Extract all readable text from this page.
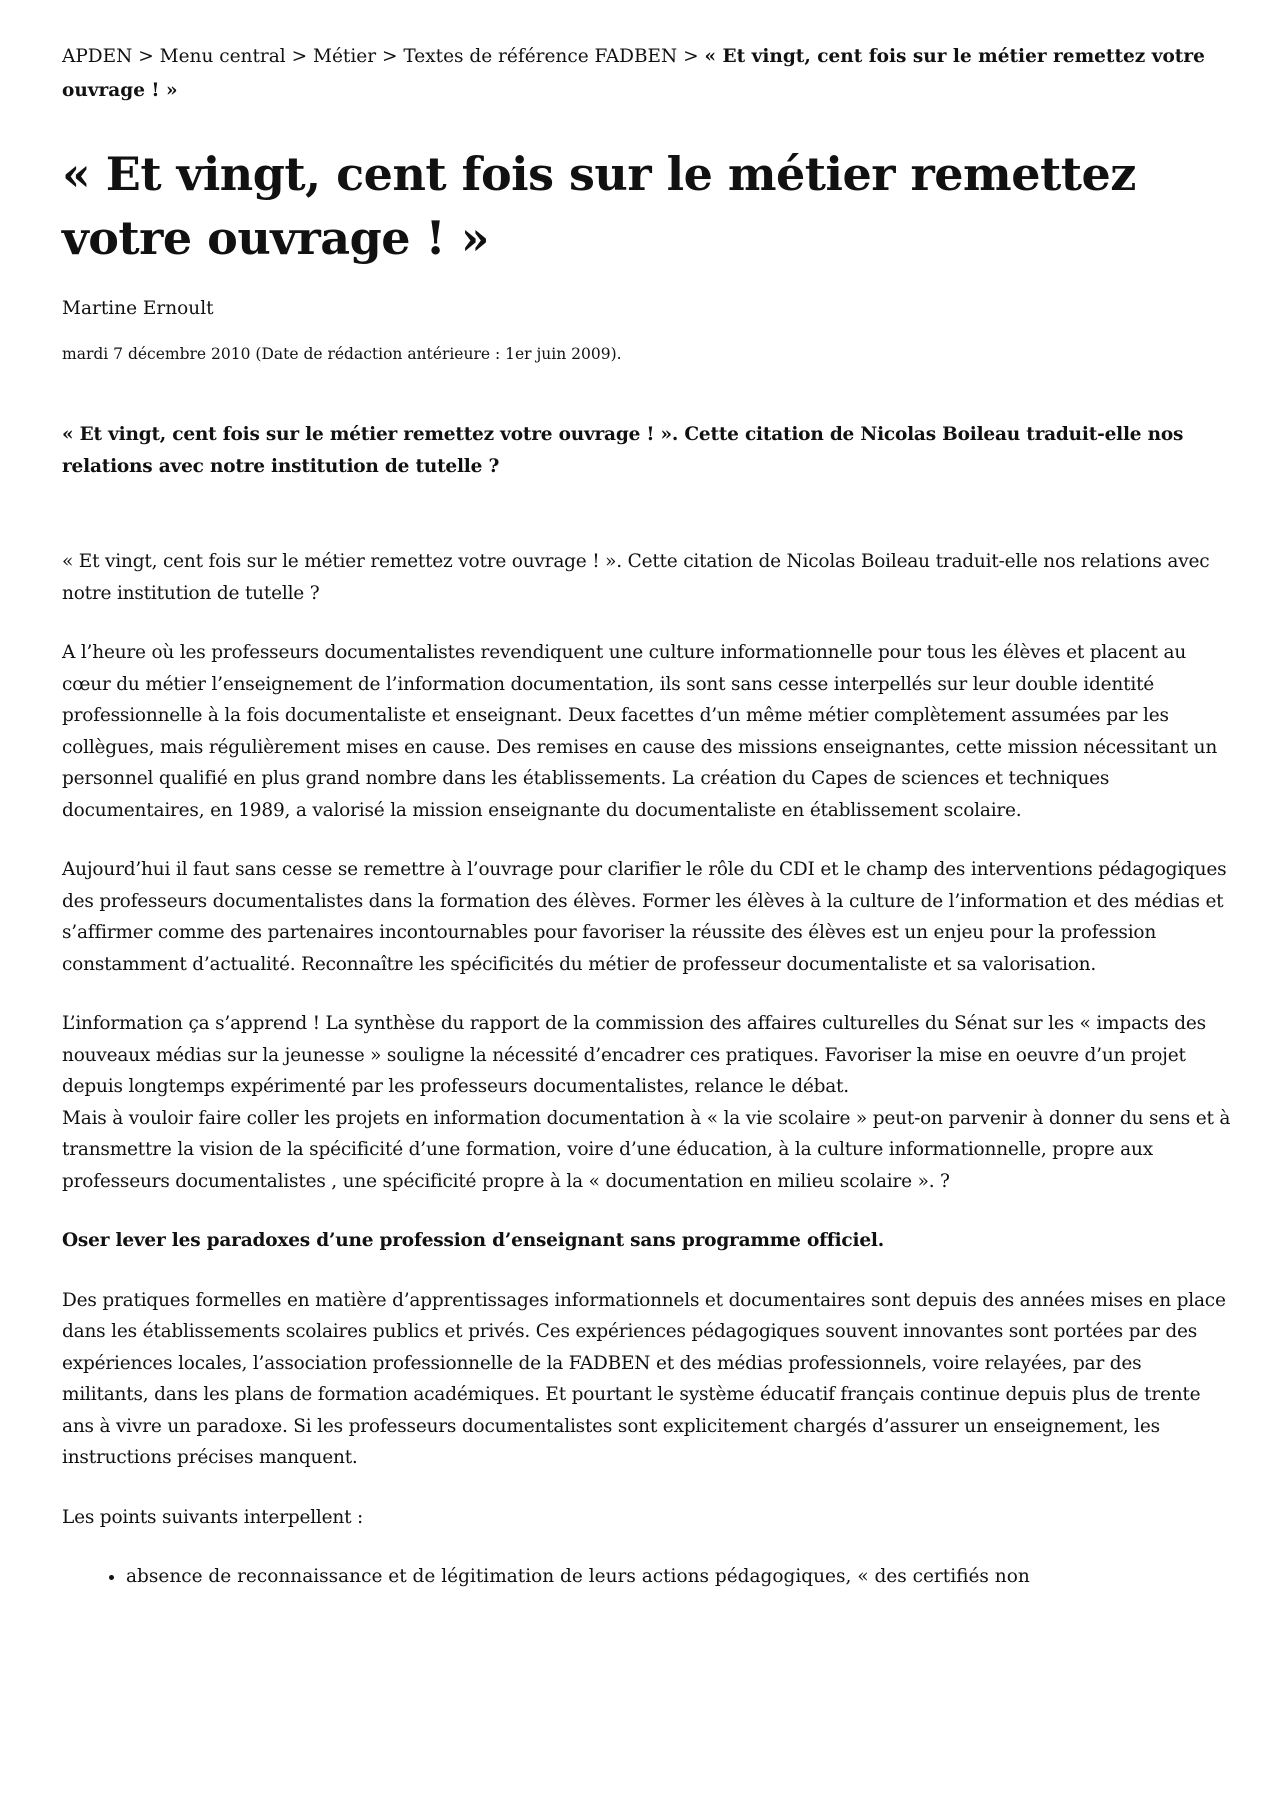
APDEN > Menu central > Métier > Textes de référence FADBEN > « Et vingt, cent fois sur le métier remettez votre ouvrage ! »
« Et vingt, cent fois sur le métier remettez votre ouvrage ! »
Martine Ernoult
mardi 7 décembre 2010 (Date de rédaction antérieure : 1er juin 2009).

« Et vingt, cent fois sur le métier remettez votre ouvrage ! ». Cette citation de Nicolas Boileau traduit-elle nos relations avec notre institution de tutelle ?

« Et vingt, cent fois sur le métier remettez votre ouvrage ! ». Cette citation de Nicolas Boileau traduit-elle nos relations avec notre institution de tutelle ?

A l’heure où les professeurs documentalistes revendiquent une culture informationnelle pour tous les élèves et placent au cœur du métier l’enseignement de l’information documentation, ils sont sans cesse interpellés sur leur double identité professionnelle à la fois documentaliste et enseignant. Deux facettes d’un même métier complètement assumées par les collègues, mais régulièrement mises en cause. Des remises en cause des missions enseignantes, cette mission nécessitant un personnel qualifié en plus grand nombre dans les établissements. La création du Capes de sciences et techniques documentaires, en 1989, a valorisé la mission enseignante du documentaliste en établissement scolaire.

Aujourd’hui il faut sans cesse se remettre à l’ouvrage pour clarifier le rôle du CDI et le champ des interventions pédagogiques des professeurs documentalistes dans la formation des élèves. Former les élèves à la culture de l’information et des médias et s’affirmer comme des partenaires incontournables pour favoriser la réussite des élèves est un enjeu pour la profession constamment d’actualité. Reconnaître les spécificités du métier de professeur documentaliste et sa valorisation.

L’information ça s’apprend ! La synthèse du rapport de la commission des affaires culturelles du Sénat sur les « impacts des nouveaux médias sur la jeunesse » souligne la nécessité d’encadrer ces pratiques. Favoriser la mise en oeuvre d’un projet depuis longtemps expérimenté par les professeurs documentalistes, relance le débat.
Mais à vouloir faire coller les projets en information documentation à « la vie scolaire » peut-on parvenir à donner du sens et à transmettre la vision de la spécificité d’une formation, voire d’une éducation, à la culture informationnelle, propre aux professeurs documentalistes , une spécificité propre à la « documentation en milieu scolaire ». ?

Oser lever les paradoxes d’une profession d’enseignant sans programme officiel.

Des pratiques formelles en matière d’apprentissages informationnels et documentaires sont depuis des années mises en place dans les établissements scolaires publics et privés. Ces expériences pédagogiques souvent innovantes sont portées par des expériences locales, l’association professionnelle de la FADBEN et des médias professionnels, voire relayées, par des militants, dans les plans de formation académiques. Et pourtant le système éducatif français continue depuis plus de trente ans à vivre un paradoxe. Si les professeurs documentalistes sont explicitement chargés d’assurer un enseignement, les instructions précises manquent.

Les points suivants interpellent :

• absence de reconnaissance et de légitimation de leurs actions pédagogiques, « des certifiés non
